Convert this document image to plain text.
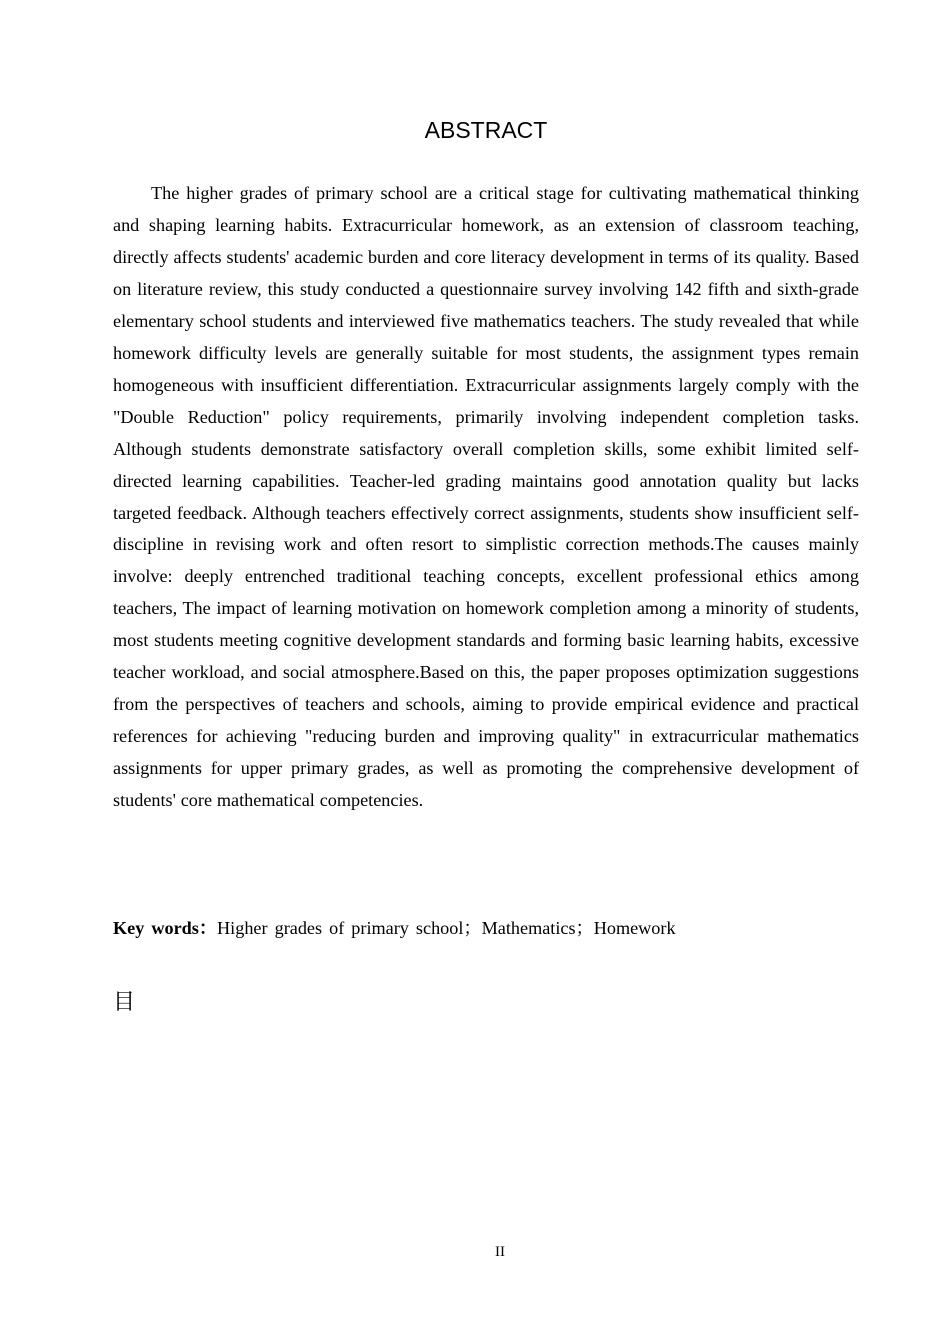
ABSTRACT

The higher grades of primary school are a critical stage for cultivating mathematical thinking and shaping learning habits. Extracurricular homework, as an extension of classroom teaching, directly affects students' academic burden and core literacy development in terms of its quality. Based on literature review, this study conducted a questionnaire survey involving 142 fifth and sixth-grade elementary school students and interviewed five mathematics teachers. The study revealed that while homework difficulty levels are generally suitable for most students, the assignment types remain homogeneous with insufficient differentiation. Extracurricular assignments largely comply with the "Double Reduction" policy requirements, primarily involving independent completion tasks. Although students demonstrate satisfactory overall completion skills, some exhibit limited self-directed learning capabilities. Teacher-led grading maintains good annotation quality but lacks targeted feedback. Although teachers effectively correct assignments, students show insufficient self-discipline in revising work and often resort to simplistic correction methods.The causes mainly involve: deeply entrenched traditional teaching concepts, excellent professional ethics among teachers, The impact of learning motivation on homework completion among a minority of students, most students meeting cognitive development standards and forming basic learning habits, excessive teacher workload, and social atmosphere.Based on this, the paper proposes optimization suggestions from the perspectives of teachers and schools, aiming to provide empirical evidence and practical references for achieving "reducing burden and improving quality" in extracurricular mathematics assignments for upper primary grades, as well as promoting the comprehensive development of students' core mathematical competencies.

Key words：Higher grades of primary school；Mathematics；Homework

目
II
